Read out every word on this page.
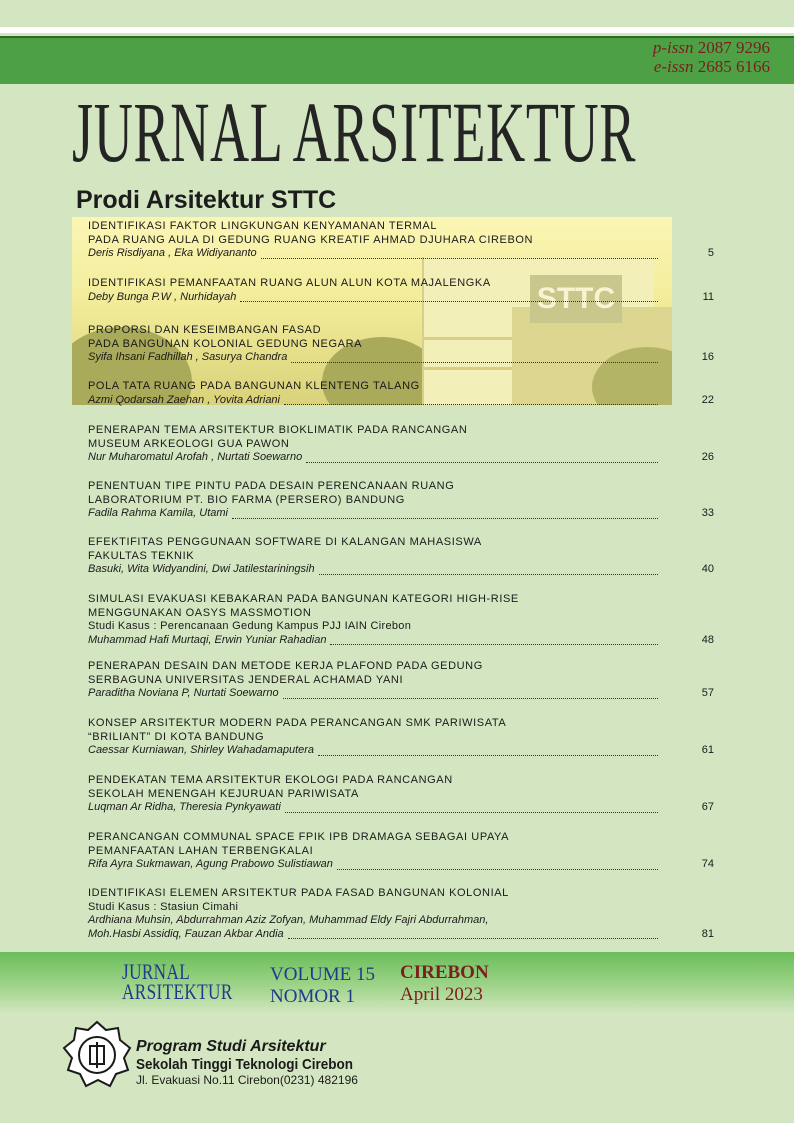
p-issn 2087 9296
e-issn 2685 6166
JURNAL ARSITEKTUR
Prodi Arsitektur STTC
STTC
IDENTIFIKASI FAKTOR LINGKUNGAN KENYAMANAN TERMAL
PADA RUANG AULA DI GEDUNG RUANG KREATIF AHMAD DJUHARA CIREBON
Deris Risdiyana , Eka Widiyananto	5
IDENTIFIKASI PEMANFAATAN RUANG ALUN ALUN KOTA MAJALENGKA
Deby Bunga P.W , Nurhidayah	11
PROPORSI DAN KESEIMBANGAN FASAD
PADA BANGUNAN KOLONIAL GEDUNG NEGARA
Syifa Ihsani Fadhillah , Sasurya Chandra	16
POLA TATA RUANG PADA BANGUNAN KLENTENG TALANG
Azmi Qodarsah Zaehan , Yovita Adriani	22
PENERAPAN TEMA ARSITEKTUR BIOKLIMATIK PADA RANCANGAN
MUSEUM ARKEOLOGI GUA PAWON
Nur Muharomatul Arofah , Nurtati Soewarno	26
PENENTUAN TIPE PINTU PADA DESAIN PERENCANAAN RUANG
LABORATORIUM PT. BIO FARMA (PERSERO) BANDUNG
Fadila Rahma Kamila, Utami	33
EFEKTIFITAS PENGGUNAAN SOFTWARE DI KALANGAN MAHASISWA
FAKULTAS TEKNIK
Basuki, Wita Widyandini, Dwi Jatilestariningsih	40
SIMULASI EVAKUASI KEBAKARAN PADA BANGUNAN KATEGORI HIGH-RISE
MENGGUNAKAN OASYS MASSMOTION
Studi Kasus : Perencanaan Gedung Kampus PJJ IAIN Cirebon
Muhammad Hafi Murtaqi, Erwin Yuniar Rahadian	48
PENERAPAN DESAIN DAN METODE KERJA PLAFOND PADA GEDUNG
SERBAGUNA UNIVERSITAS JENDERAL ACHAMAD YANI
Paraditha Noviana P, Nurtati Soewarno	57
KONSEP ARSITEKTUR MODERN PADA PERANCANGAN SMK PARIWISATA
“BRILIANT” DI KOTA BANDUNG
Caessar Kurniawan, Shirley Wahadamaputera	61
PENDEKATAN TEMA ARSITEKTUR EKOLOGI PADA RANCANGAN
SEKOLAH MENENGAH KEJURUAN PARIWISATA
Luqman Ar Ridha, Theresia Pynkyawati	67
PERANCANGAN COMMUNAL SPACE FPIK IPB DRAMAGA SEBAGAI UPAYA
PEMANFAATAN LAHAN TERBENGKALAI
Rifa Ayra Sukmawan, Agung Prabowo Sulistiawan	74
IDENTIFIKASI ELEMEN ARSITEKTUR PADA FASAD BANGUNAN KOLONIAL
Studi Kasus : Stasiun Cimahi
Ardhiana Muhsin, Abdurrahman Aziz Zofyan, Muhammad Eldy Fajri Abdurrahman,
Moh.Hasbi Assidiq, Fauzan Akbar Andia	81
JURNAL
ARSITEKTUR
VOLUME 15
NOMOR 1
CIREBON
April 2023
Program Studi Arsitektur
Sekolah Tinggi Teknologi Cirebon
Jl. Evakuasi No.11 Cirebon(0231) 482196
